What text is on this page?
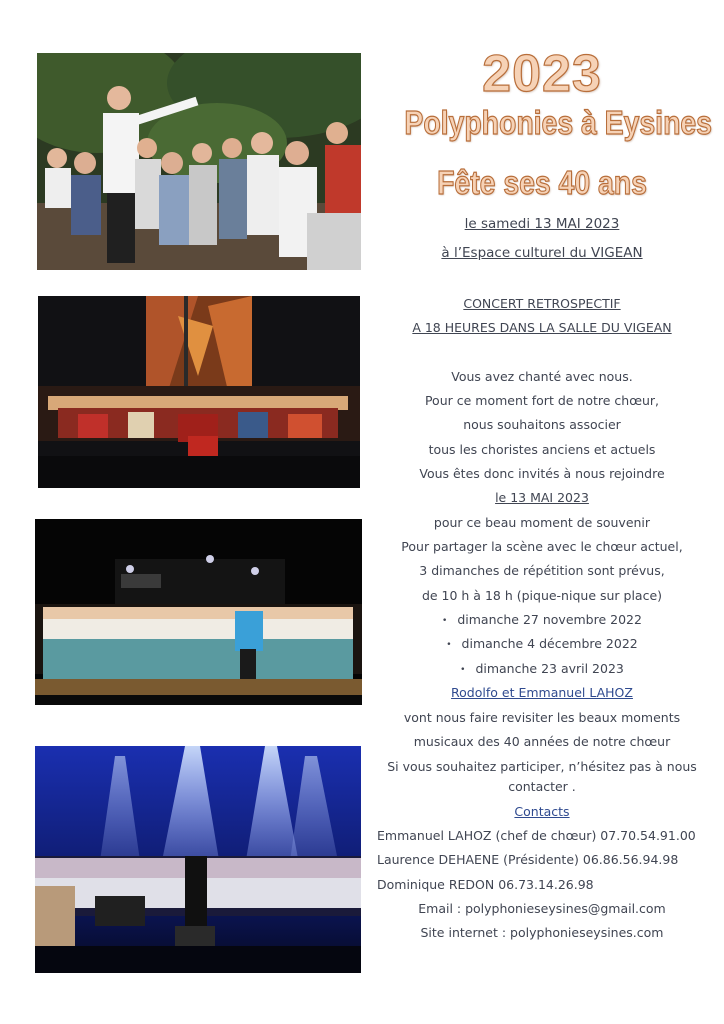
2023
Polyphonies à Eysines
Fête ses 40 ans
le samedi 13 MAI 2023
à l’Espace culturel du VIGEAN
CONCERT RETROSPECTIF
A 18 HEURES DANS LA SALLE DU VIGEAN
Vous avez chanté avec nous.
Pour ce moment fort de notre chœur,
nous souhaitons associer
tous les choristes anciens et actuels
Vous êtes donc invités à nous rejoindre
le 13 MAI 2023
pour ce beau moment de souvenir
Pour partager la scène avec le chœur actuel,
3 dimanches de répétition sont prévus,
de 10 h à 18 h (pique-nique sur place)
• dimanche 27 novembre 2022
• dimanche 4 décembre 2022
• dimanche 23 avril 2023
Rodolfo et Emmanuel LAHOZ
vont nous faire revisiter les beaux moments
musicaux des 40 années de notre chœur
Si vous souhaitez participer, n’hésitez pas à nous
contacter .
Contacts
Emmanuel LAHOZ (chef de chœur) 07.70.54.91.00
Laurence DEHAENE (Présidente) 06.86.56.94.98
Dominique REDON 06.73.14.26.98
Email : polyphonieseysines@gmail.com
Site internet : polyphonieseysines.com
